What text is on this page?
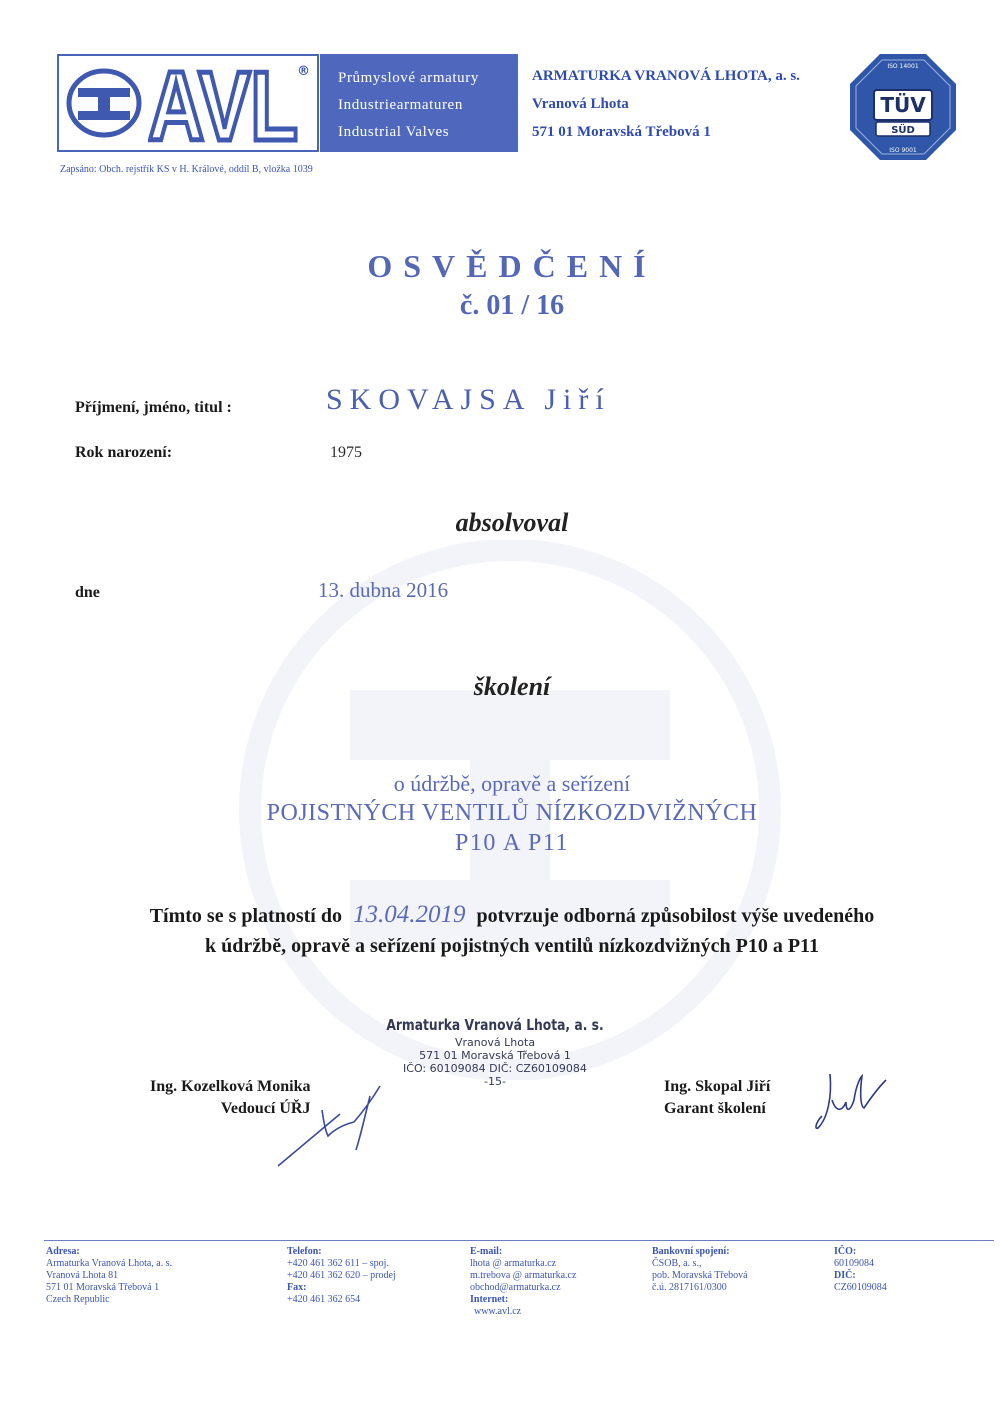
AVL ® Průmyslové armatury
Industriearmaturen
Industrial Valves
ARMATURKA VRANOVÁ LHOTA, a. s.
Vranová Lhota
571 01 Moravská Třebová 1
Zapsáno: Obch. rejstřík KS v H. Králové, oddíl B, vložka 1039
ISO 14001
TÜV
SÜD
ISO 9001
OSVĚDČENÍ
č. 01 / 16
Příjmení, jméno, titul :	SKOVAJSA Jiří
Rok narození:	1975
absolvoval
dne	13. dubna 2016
školení
o údržbě, opravě a seřízení
POJISTNÝCH VENTILŮ NÍZKOZDVIŽNÝCH
P10 A P11
Tímto se s platností do 13.04.2019 potvrzuje odborná způsobilost výše uvedeného
k údržbě, opravě a seřízení pojistných ventilů nízkozdvižných P10 a P11
Armaturka Vranová Lhota, a. s.
Vranová Lhota
571 01 Moravská Třebová 1
IČO: 60109084 DIČ: CZ60109084
-15-
Ing. Kozelková Monika
Vedoucí ÚŘJ
Ing. Skopal Jiří
Garant školení
Adresa:
Armaturka Vranová Lhota, a. s.
Vranová Lhota 81
571 01 Moravská Třebová 1
Czech Republic
Telefon:
+420 461 362 611 – spoj.
+420 461 362 620 – prodej
Fax:
+420 461 362 654
E-mail:
lhota @ armaturka.cz
m.trebova @ armaturka.cz
obchod@armaturka.cz
Internet:
www.avl.cz
Bankovní spojení:
ČSOB, a. s.,
pob. Moravská Třebová
č.ú. 2817161/0300
IČO:
60109084
DIČ:
CZ60109084
